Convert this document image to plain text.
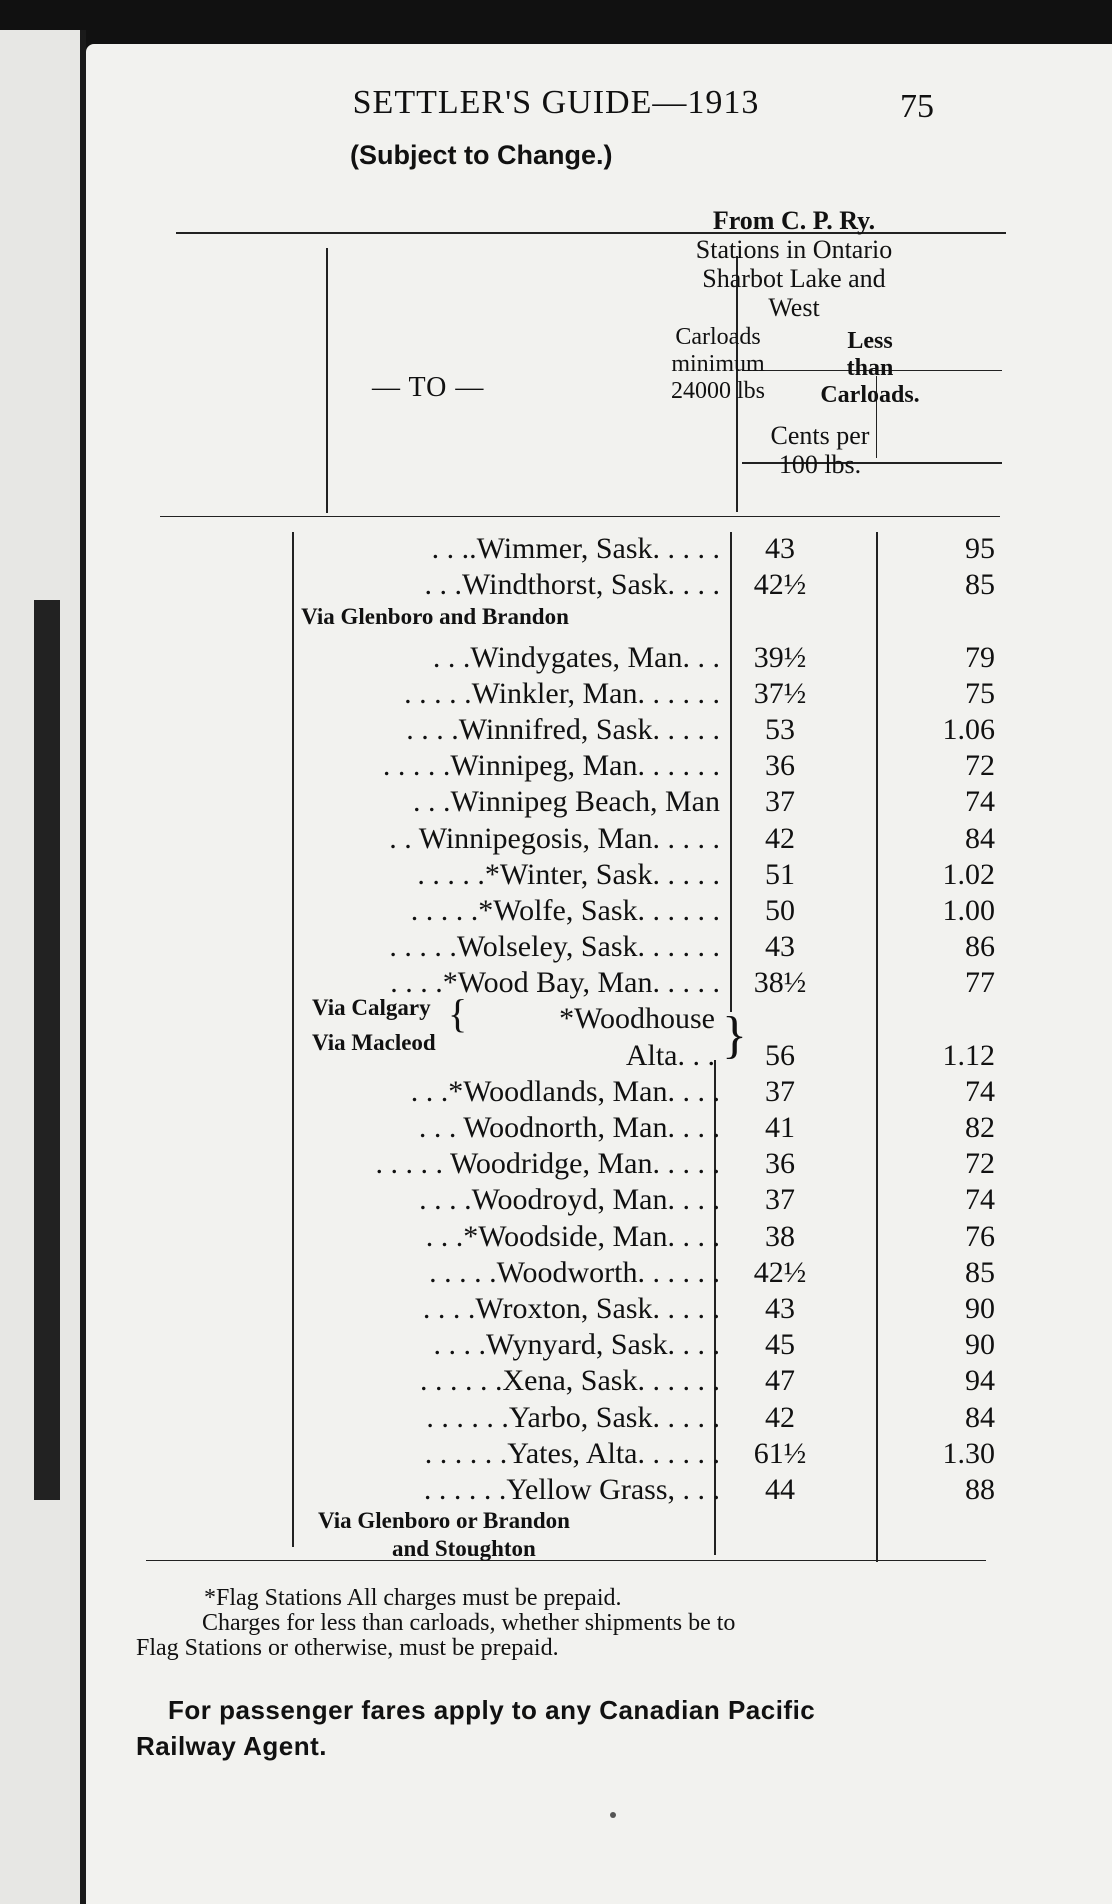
SETTLER'S GUIDE—1913	75
(Subject to Change.)
From C. P. Ry.
Stations in Ontario
Sharbot Lake and
West
Carloads
minimum
24000 lbs
Less
than
Carloads.
Cents per
100 lbs.
— TO —
. . ..Wimmer, Sask. . . . .	43	95
. . .Windthorst, Sask. . . .	42½	85
Via Glenboro and Brandon
. . .Windygates, Man. . .	39½	79
. . . . .Winkler, Man. . . . . .	37½	75
. . . .Winnifred, Sask. . . . .	53	1.06
. . . . .Winnipeg, Man. . . . . .	36	72
. . .Winnipeg Beach, Man	37	74
. . Winnipegosis, Man. . . . .	42	84
. . . . .*Winter, Sask. . . . .	51	1.02
. . . . .*Wolfe, Sask. . . . . .	50	1.00
. . . . .Wolseley, Sask. . . . . .	43	86
. . . .*Wood Bay, Man. . . . .	38½	77
*Woodhouse
Alta. . .	56	1.12
. . .*Woodlands, Man. . . .	37	74
. . . Woodnorth, Man. . . .	41	82
. . . . . Woodridge, Man. . . . .	36	72
. . . .Woodroyd, Man. . . .	37	74
. . .*Woodside, Man. . . .	38	76
. . . . .Woodworth. . . . . .	42½	85
. . . .Wroxton, Sask. . . . .	43	90
. . . .Wynyard, Sask. . . .	45	90
. . . . . .Xena, Sask. . . . . .	47	94
. . . . . .Yarbo, Sask. . . . .	42	84
. . . . . .Yates, Alta. . . . . .	61½	1.30
. . . . . .Yellow Grass, . . .	44	88
Via Calgary
Via Macleod
{	}
Via Glenboro or Brandon
and Stoughton
*Flag Stations All charges must be prepaid.
Charges for less than carloads, whether shipments be to
Flag Stations or otherwise, must be prepaid.
For passenger fares apply to any Canadian Pacific
Railway Agent.
